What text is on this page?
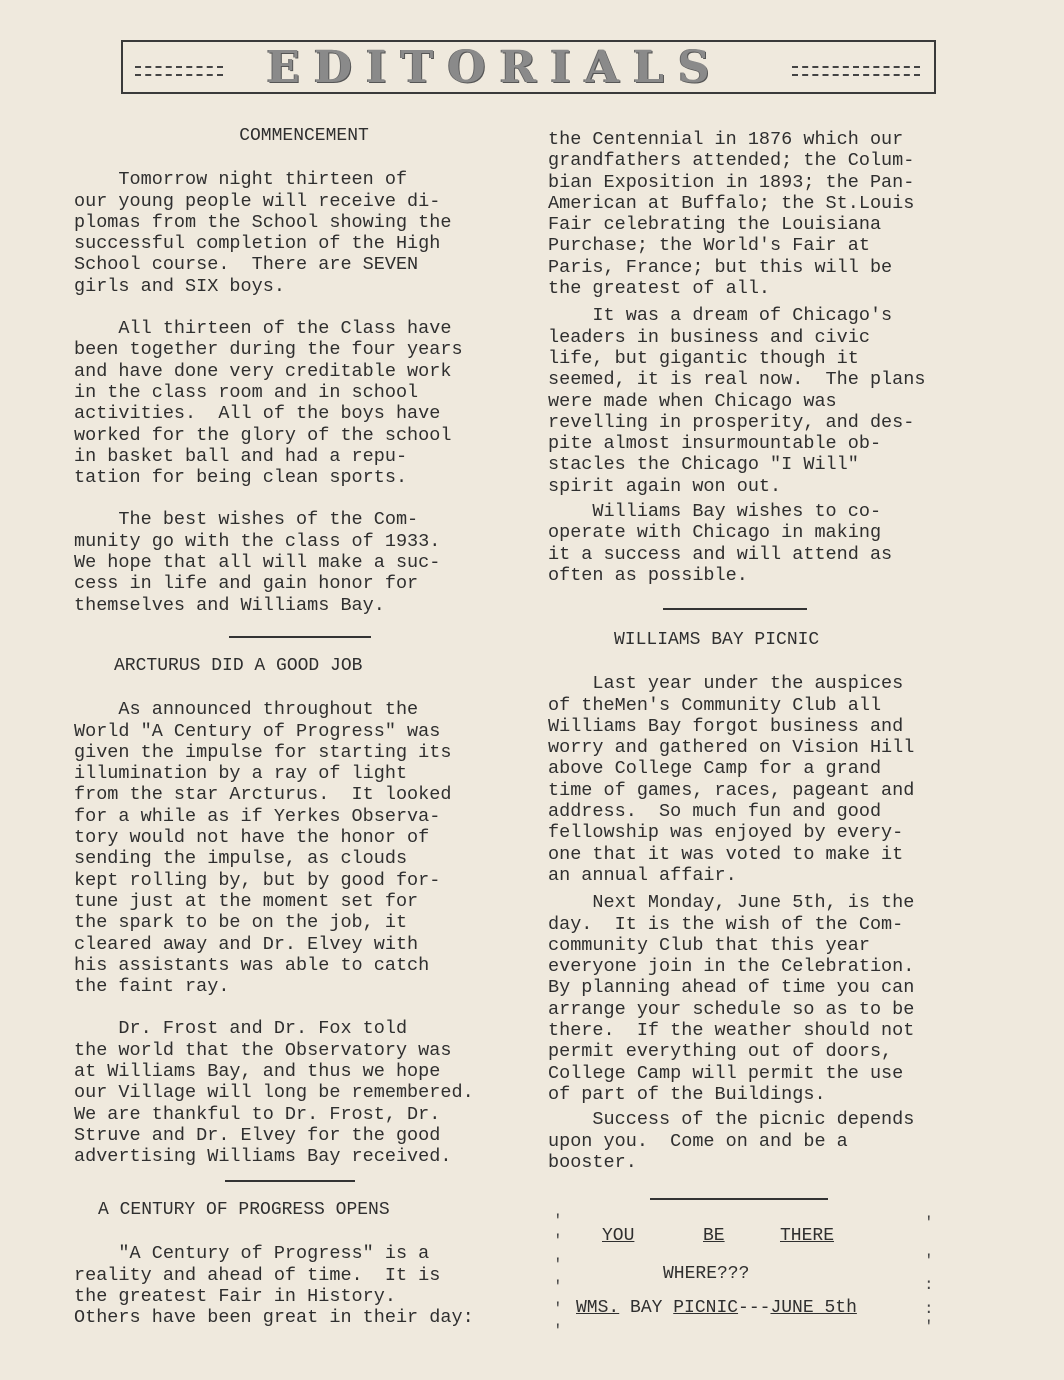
EDITORIALS

COMMENCEMENT

Tomorrow night thirteen of
our young people will receive di-
plomas from the School showing the
successful completion of the High
School course.  There are SEVEN
girls and SIX boys.

All thirteen of the Class have
been together during the four years
and have done very creditable work
in the class room and in school
activities.  All of the boys have
worked for the glory of the school
in basket ball and had a repu-
tation for being clean sports.

The best wishes of the Com-
munity go with the class of 1933.
We hope that all will make a suc-
cess in life and gain honor for
themselves and Williams Bay.

ARCTURUS DID A GOOD JOB

As announced throughout the
World "A Century of Progress" was
given the impulse for starting its
illumination by a ray of light
from the star Arcturus.  It looked
for a while as if Yerkes Observa-
tory would not have the honor of
sending the impulse, as clouds
kept rolling by, but by good for-
tune just at the moment set for
the spark to be on the job, it
cleared away and Dr. Elvey with
his assistants was able to catch
the faint ray.

Dr. Frost and Dr. Fox told
the world that the Observatory was
at Williams Bay, and thus we hope
our Village will long be remembered.
We are thankful to Dr. Frost, Dr.
Struve and Dr. Elvey for the good
advertising Williams Bay received.

A CENTURY OF PROGRESS OPENS

"A Century of Progress" is a
reality and ahead of time.  It is
the greatest Fair in History.
Others have been great in their day:

the Centennial in 1876 which our
grandfathers attended; the Colum-
bian Exposition in 1893; the Pan-
American at Buffalo; the St.Louis
Fair celebrating the Louisiana
Purchase; the World's Fair at
Paris, France; but this will be
the greatest of all.

It was a dream of Chicago's
leaders in business and civic
life, but gigantic though it
seemed, it is real now.  The plans
were made when Chicago was
revelling in prosperity, and des-
pite almost insurmountable ob-
stacles the Chicago "I Will"
spirit again won out.

Williams Bay wishes to co-
operate with Chicago in making
it a success and will attend as
often as possible.

WILLIAMS BAY PICNIC

Last year under the auspices
of theMen's Community Club all
Williams Bay forgot business and
worry and gathered on Vision Hill
above College Camp for a grand
time of games, races, pageant and
address.  So much fun and good
fellowship was enjoyed by every-
one that it was voted to make it
an annual affair.

Next Monday, June 5th, is the
day.  It is the wish of the Com-
community Club that this year
everyone join in the Celebration.
By planning ahead of time you can
arrange your schedule so as to be
there.  If the weather should not
permit everything out of doors,
College Camp will permit the use
of part of the Buildings.

Success of the picnic depends
upon you.  Come on and be a
booster.

'
'
'
'
'
'
'
'
:
:
'
YOU	BE	THERE
WHERE???
WMS. BAY PICNIC---JUNE 5th
